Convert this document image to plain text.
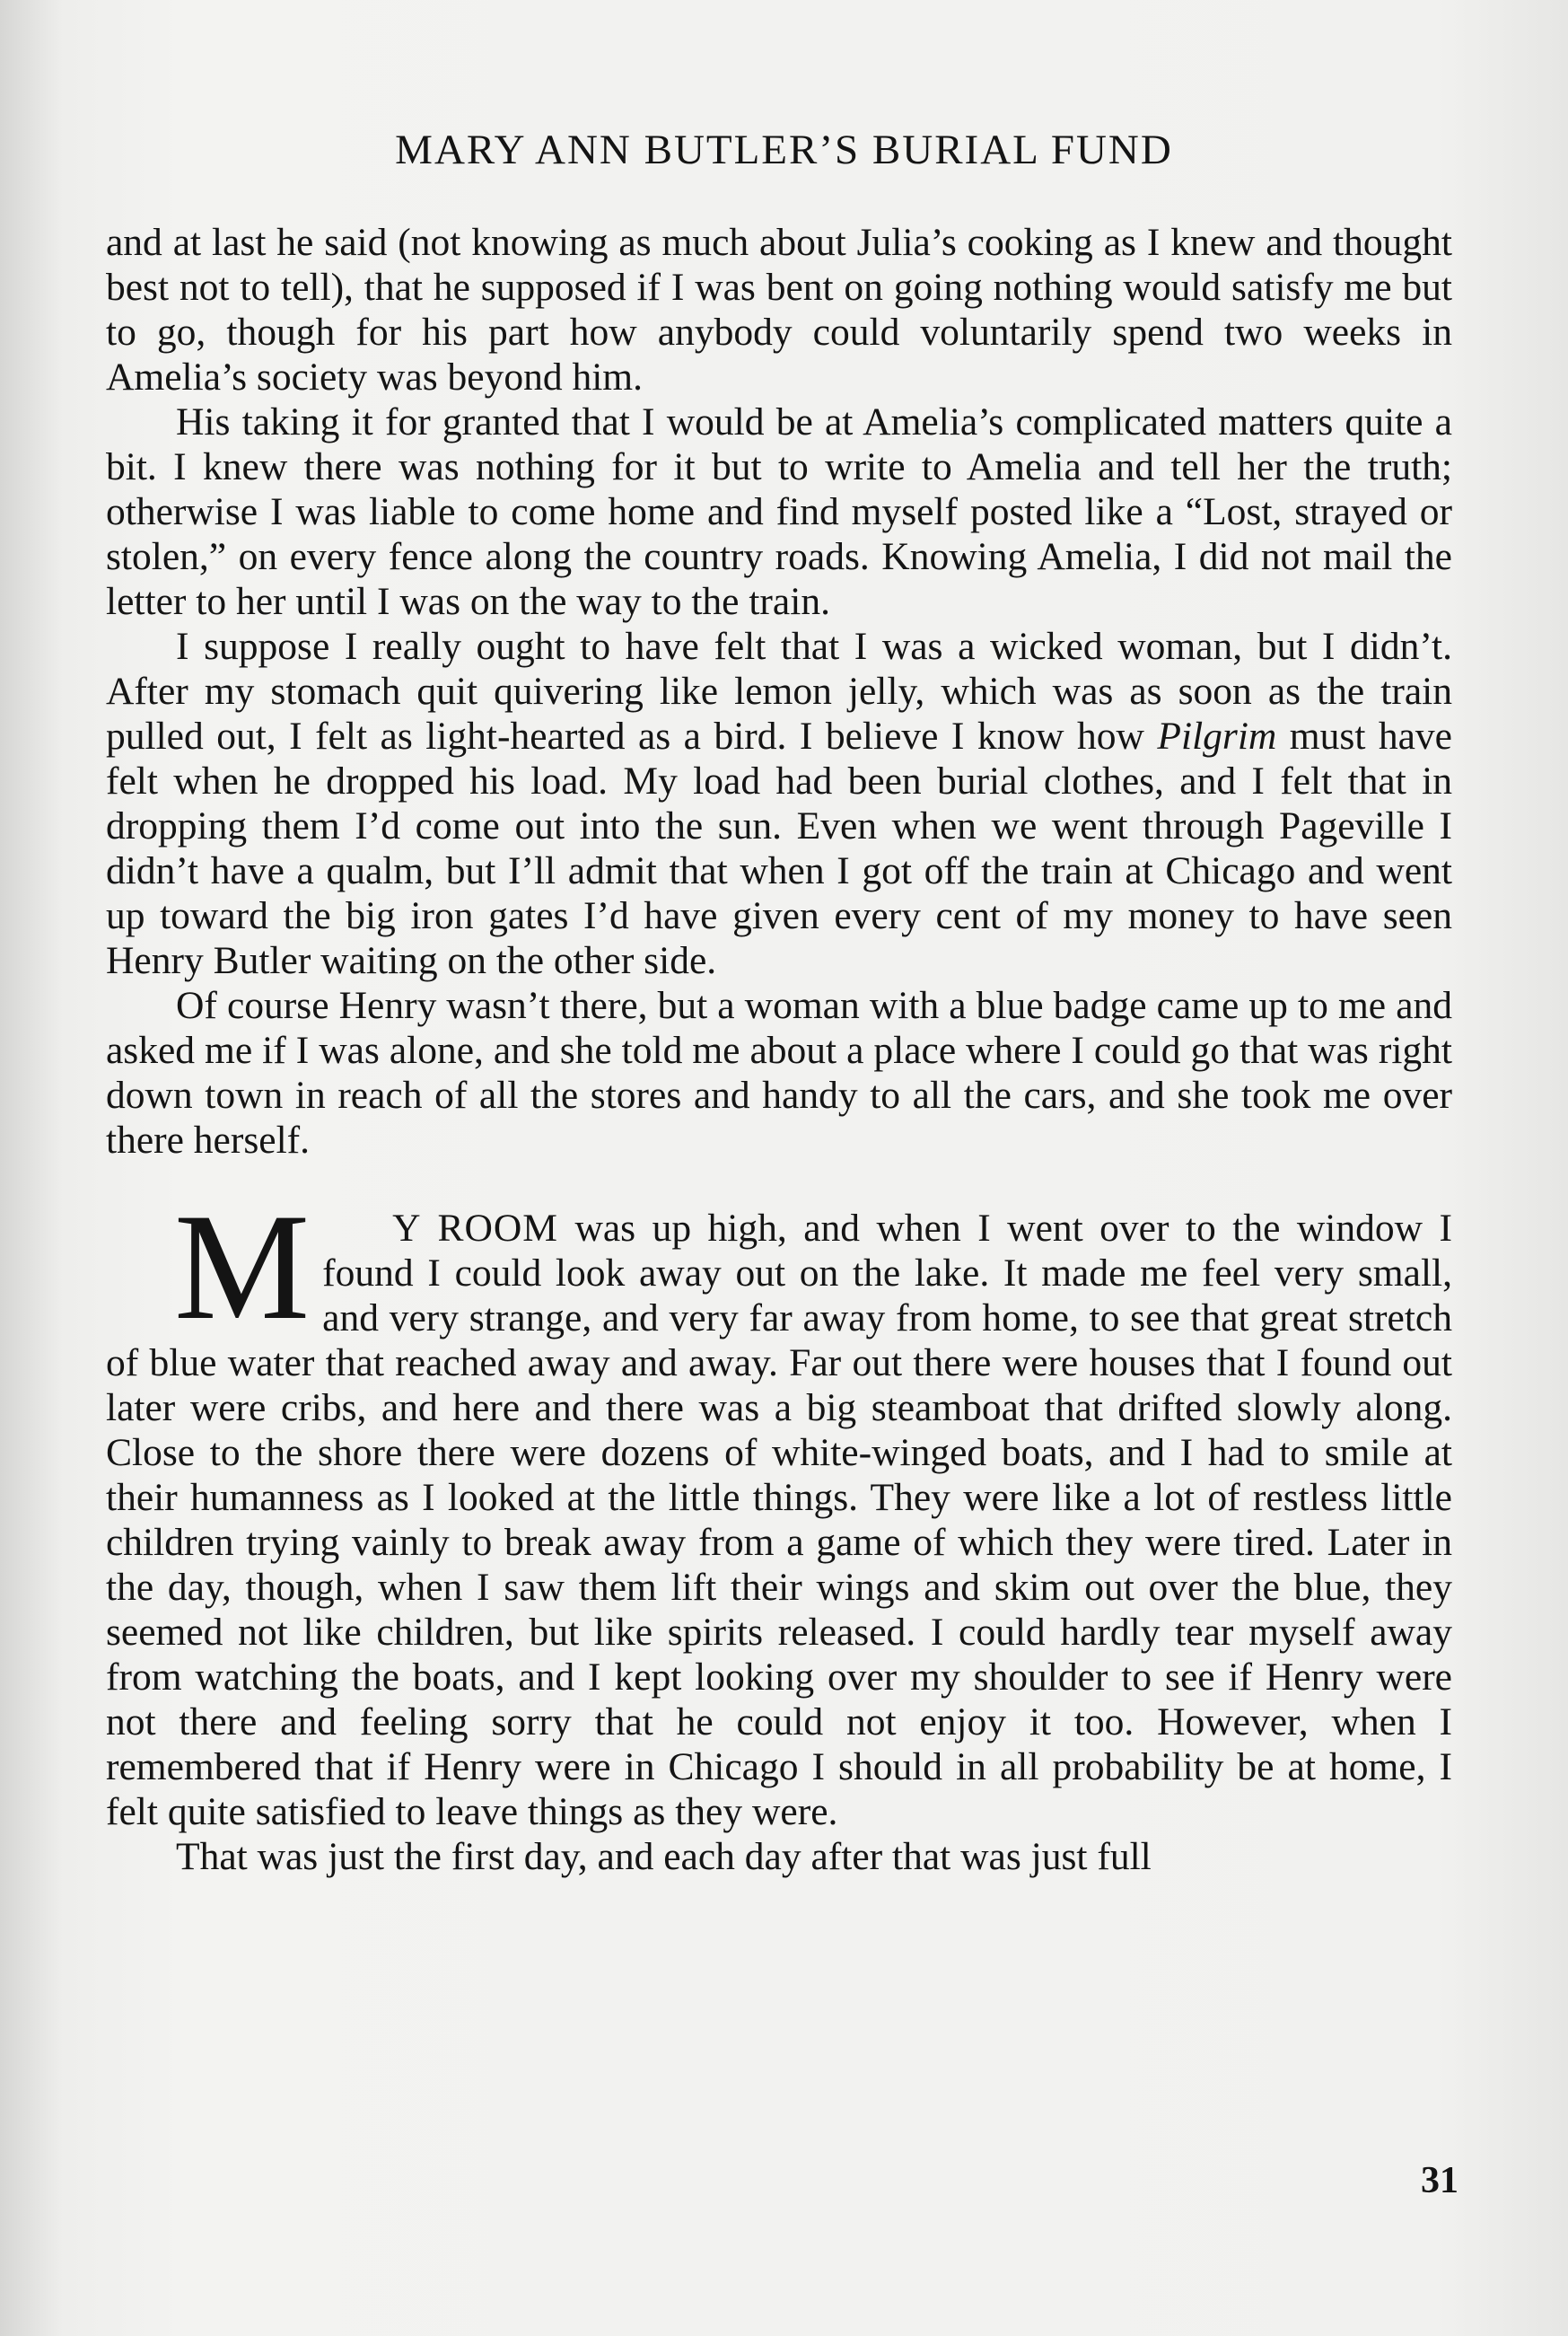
MARY ANN BUTLER’S BURIAL FUND

and at last he said (not knowing as much about Julia’s cooking as I knew and thought best not to tell), that he supposed if I was bent on going nothing would satisfy me but to go, though for his part how anybody could voluntarily spend two weeks in Amelia’s society was beyond him.

His taking it for granted that I would be at Amelia’s complicated matters quite a bit. I knew there was nothing for it but to write to Amelia and tell her the truth; otherwise I was liable to come home and find myself posted like a “Lost, strayed or stolen,” on every fence along the country roads. Knowing Amelia, I did not mail the letter to her until I was on the way to the train.

I suppose I really ought to have felt that I was a wicked woman, but I didn’t. After my stomach quit quivering like lemon jelly, which was as soon as the train pulled out, I felt as light-hearted as a bird. I believe I know how Pilgrim must have felt when he dropped his load. My load had been burial clothes, and I felt that in dropping them I’d come out into the sun. Even when we went through Pageville I didn’t have a qualm, but I’ll admit that when I got off the train at Chicago and went up toward the big iron gates I’d have given every cent of my money to have seen Henry Butler waiting on the other side.

Of course Henry wasn’t there, but a woman with a blue badge came up to me and asked me if I was alone, and she told me about a place where I could go that was right down town in reach of all the stores and handy to all the cars, and she took me over there herself.

M Y ROOM was up high, and when I went over to the window I found I could look away out on the lake. It made me feel very small, and very strange, and very far away from home, to see that great stretch of blue water that reached away and away. Far out there were houses that I found out later were cribs, and here and there was a big steamboat that drifted slowly along. Close to the shore there were dozens of white-winged boats, and I had to smile at their humanness as I looked at the little things. They were like a lot of restless little children trying vainly to break away from a game of which they were tired. Later in the day, though, when I saw them lift their wings and skim out over the blue, they seemed not like children, but like spirits released. I could hardly tear myself away from watching the boats, and I kept looking over my shoulder to see if Henry were not there and feeling sorry that he could not enjoy it too. However, when I remembered that if Henry were in Chicago I should in all probability be at home, I felt quite satisfied to leave things as they were.

That was just the first day, and each day after that was just full

31
